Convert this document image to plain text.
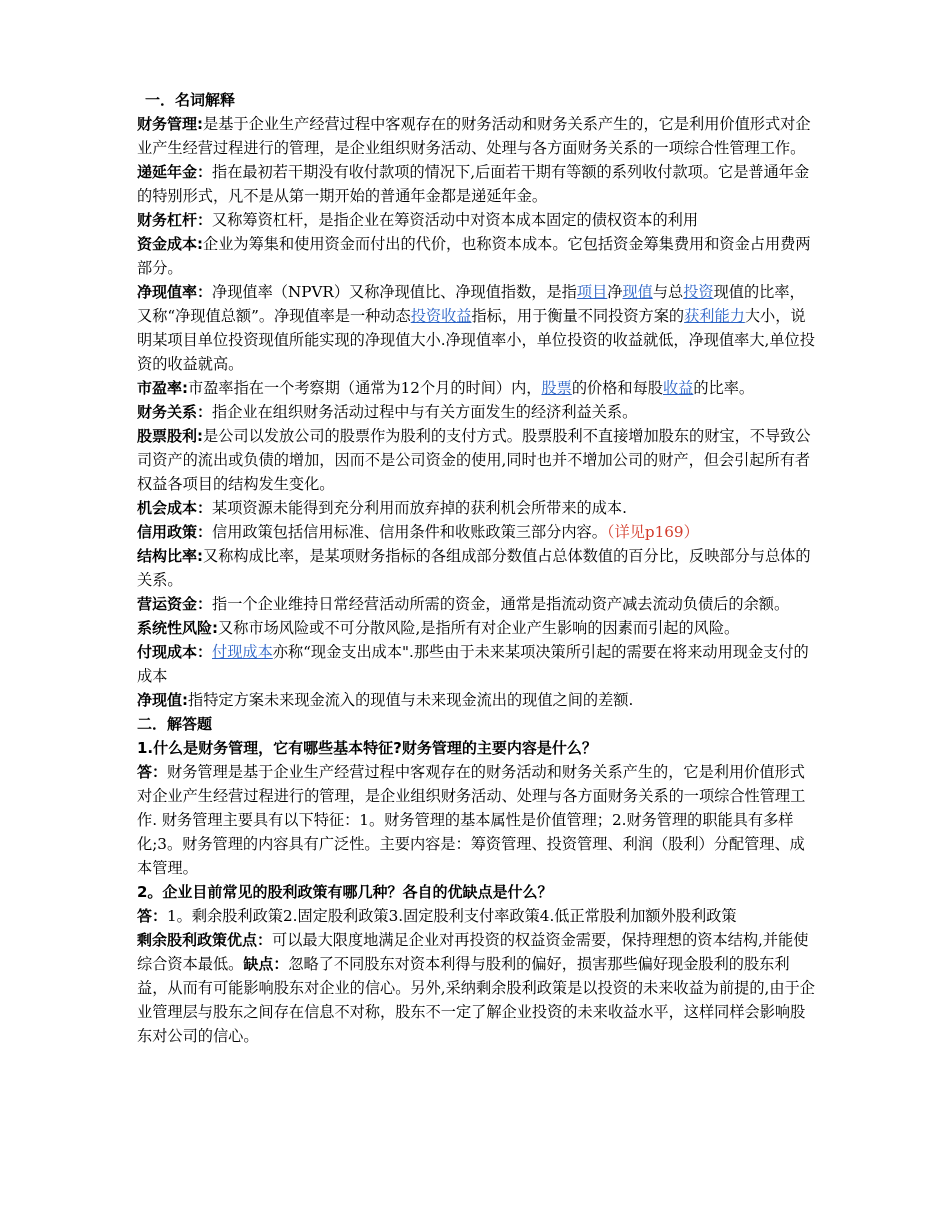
一．名词解释

财务管理:是基于企业生产经营过程中客观存在的财务活动和财务关系产生的，它是利用价值形式对企业产生经营过程进行的管理，是企业组织财务活动、处理与各方面财务关系的一项综合性管理工作。

递延年金：指在最初若干期没有收付款项的情况下,后面若干期有等额的系列收付款项。它是普通年金的特别形式，凡不是从第一期开始的普通年金都是递延年金。

财务杠杆：又称筹资杠杆，是指企业在筹资活动中对资本成本固定的债权资本的利用

资金成本:企业为筹集和使用资金而付出的代价，也称资本成本。它包括资金筹集费用和资金占用费两部分。

净现值率：净现值率（NPVR）又称净现值比、净现值指数，是指项目净现值与总投资现值的比率，又称“净现值总额”。净现值率是一种动态投资收益指标，用于衡量不同投资方案的获利能力大小，说明某项目单位投资现值所能实现的净现值大小.净现值率小，单位投资的收益就低，净现值率大,单位投资的收益就高。

市盈率:市盈率指在一个考察期（通常为12个月的时间）内，股票的价格和每股收益的比率。

财务关系：指企业在组织财务活动过程中与有关方面发生的经济利益关系。

股票股利:是公司以发放公司的股票作为股利的支付方式。股票股利不直接增加股东的财宝，不导致公司资产的流出或负债的增加，因而不是公司资金的使用,同时也并不增加公司的财产，但会引起所有者权益各项目的结构发生变化。

机会成本：某项资源未能得到充分利用而放弃掉的获利机会所带来的成本.

信用政策：信用政策包括信用标准、信用条件和收账政策三部分内容。（详见p169）

结构比率:又称构成比率，是某项财务指标的各组成部分数值占总体数值的百分比，反映部分与总体的关系。

营运资金：指一个企业维持日常经营活动所需的资金，通常是指流动资产减去流动负债后的余额。

系统性风险:又称市场风险或不可分散风险,是指所有对企业产生影响的因素而引起的风险。

付现成本：付现成本亦称“现金支出成本".那些由于未来某项决策所引起的需要在将来动用现金支付的成本

净现值:指特定方案未来现金流入的现值与未来现金流出的现值之间的差额.

二．解答题

1.什么是财务管理，它有哪些基本特征?财务管理的主要内容是什么？

答：财务管理是基于企业生产经营过程中客观存在的财务活动和财务关系产生的，它是利用价值形式对企业产生经营过程进行的管理，是企业组织财务活动、处理与各方面财务关系的一项综合性管理工作. 财务管理主要具有以下特征：1。财务管理的基本属性是价值管理；2.财务管理的职能具有多样化;3。财务管理的内容具有广泛性。主要内容是：筹资管理、投资管理、利润（股利）分配管理、成本管理。

2。企业目前常见的股利政策有哪几种？各自的优缺点是什么？

答：1。剩余股利政策2.固定股利政策3.固定股利支付率政策4.低正常股利加额外股利政策

剩余股利政策优点：可以最大限度地满足企业对再投资的权益资金需要，保持理想的资本结构,并能使综合资本最低。缺点：忽略了不同股东对资本利得与股利的偏好，损害那些偏好现金股利的股东利益，从而有可能影响股东对企业的信心。另外,采纳剩余股利政策是以投资的未来收益为前提的,由于企业管理层与股东之间存在信息不对称，股东不一定了解企业投资的未来收益水平，这样同样会影响股东对公司的信心。
